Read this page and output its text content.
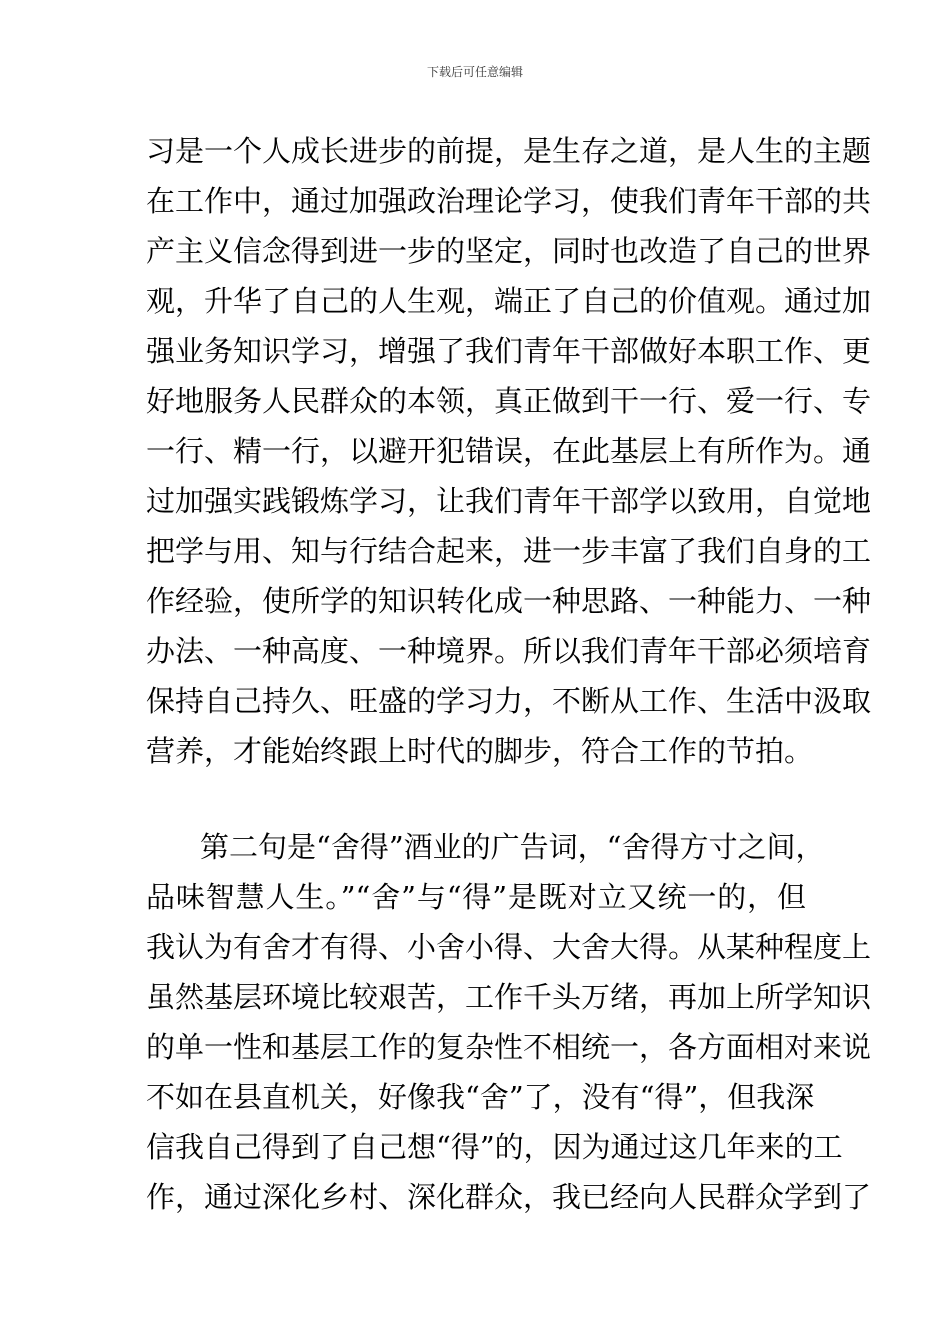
下载后可任意编辑
习是一个人成长进步的前提，是生存之道，是人生的主题
在工作中，通过加强政治理论学习，使我们青年干部的共
产主义信念得到进一步的坚定，同时也改造了自己的世界
观，升华了自己的人生观，端正了自己的价值观。通过加
强业务知识学习，增强了我们青年干部做好本职工作、更
好地服务人民群众的本领，真正做到干一行、爱一行、专
一行、精一行，以避开犯错误，在此基层上有所作为。通
过加强实践锻炼学习，让我们青年干部学以致用，自觉地
把学与用、知与行结合起来，进一步丰富了我们自身的工
作经验，使所学的知识转化成一种思路、一种能力、一种
办法、一种高度、一种境界。所以我们青年干部必须培育
保持自己持久、旺盛的学习力，不断从工作、生活中汲取
营养，才能始终跟上时代的脚步，符合工作的节拍。
第二句是“舍得”酒业的广告词，“舍得方寸之间，
品味智慧人生。”“舍”与“得”是既对立又统一的，但
我认为有舍才有得、小舍小得、大舍大得。从某种程度上
虽然基层环境比较艰苦，工作千头万绪，再加上所学知识
的单一性和基层工作的复杂性不相统一，各方面相对来说
不如在县直机关，好像我“舍”了，没有“得”，但我深
信我自己得到了自己想“得”的，因为通过这几年来的工
作，通过深化乡村、深化群众，我已经向人民群众学到了
